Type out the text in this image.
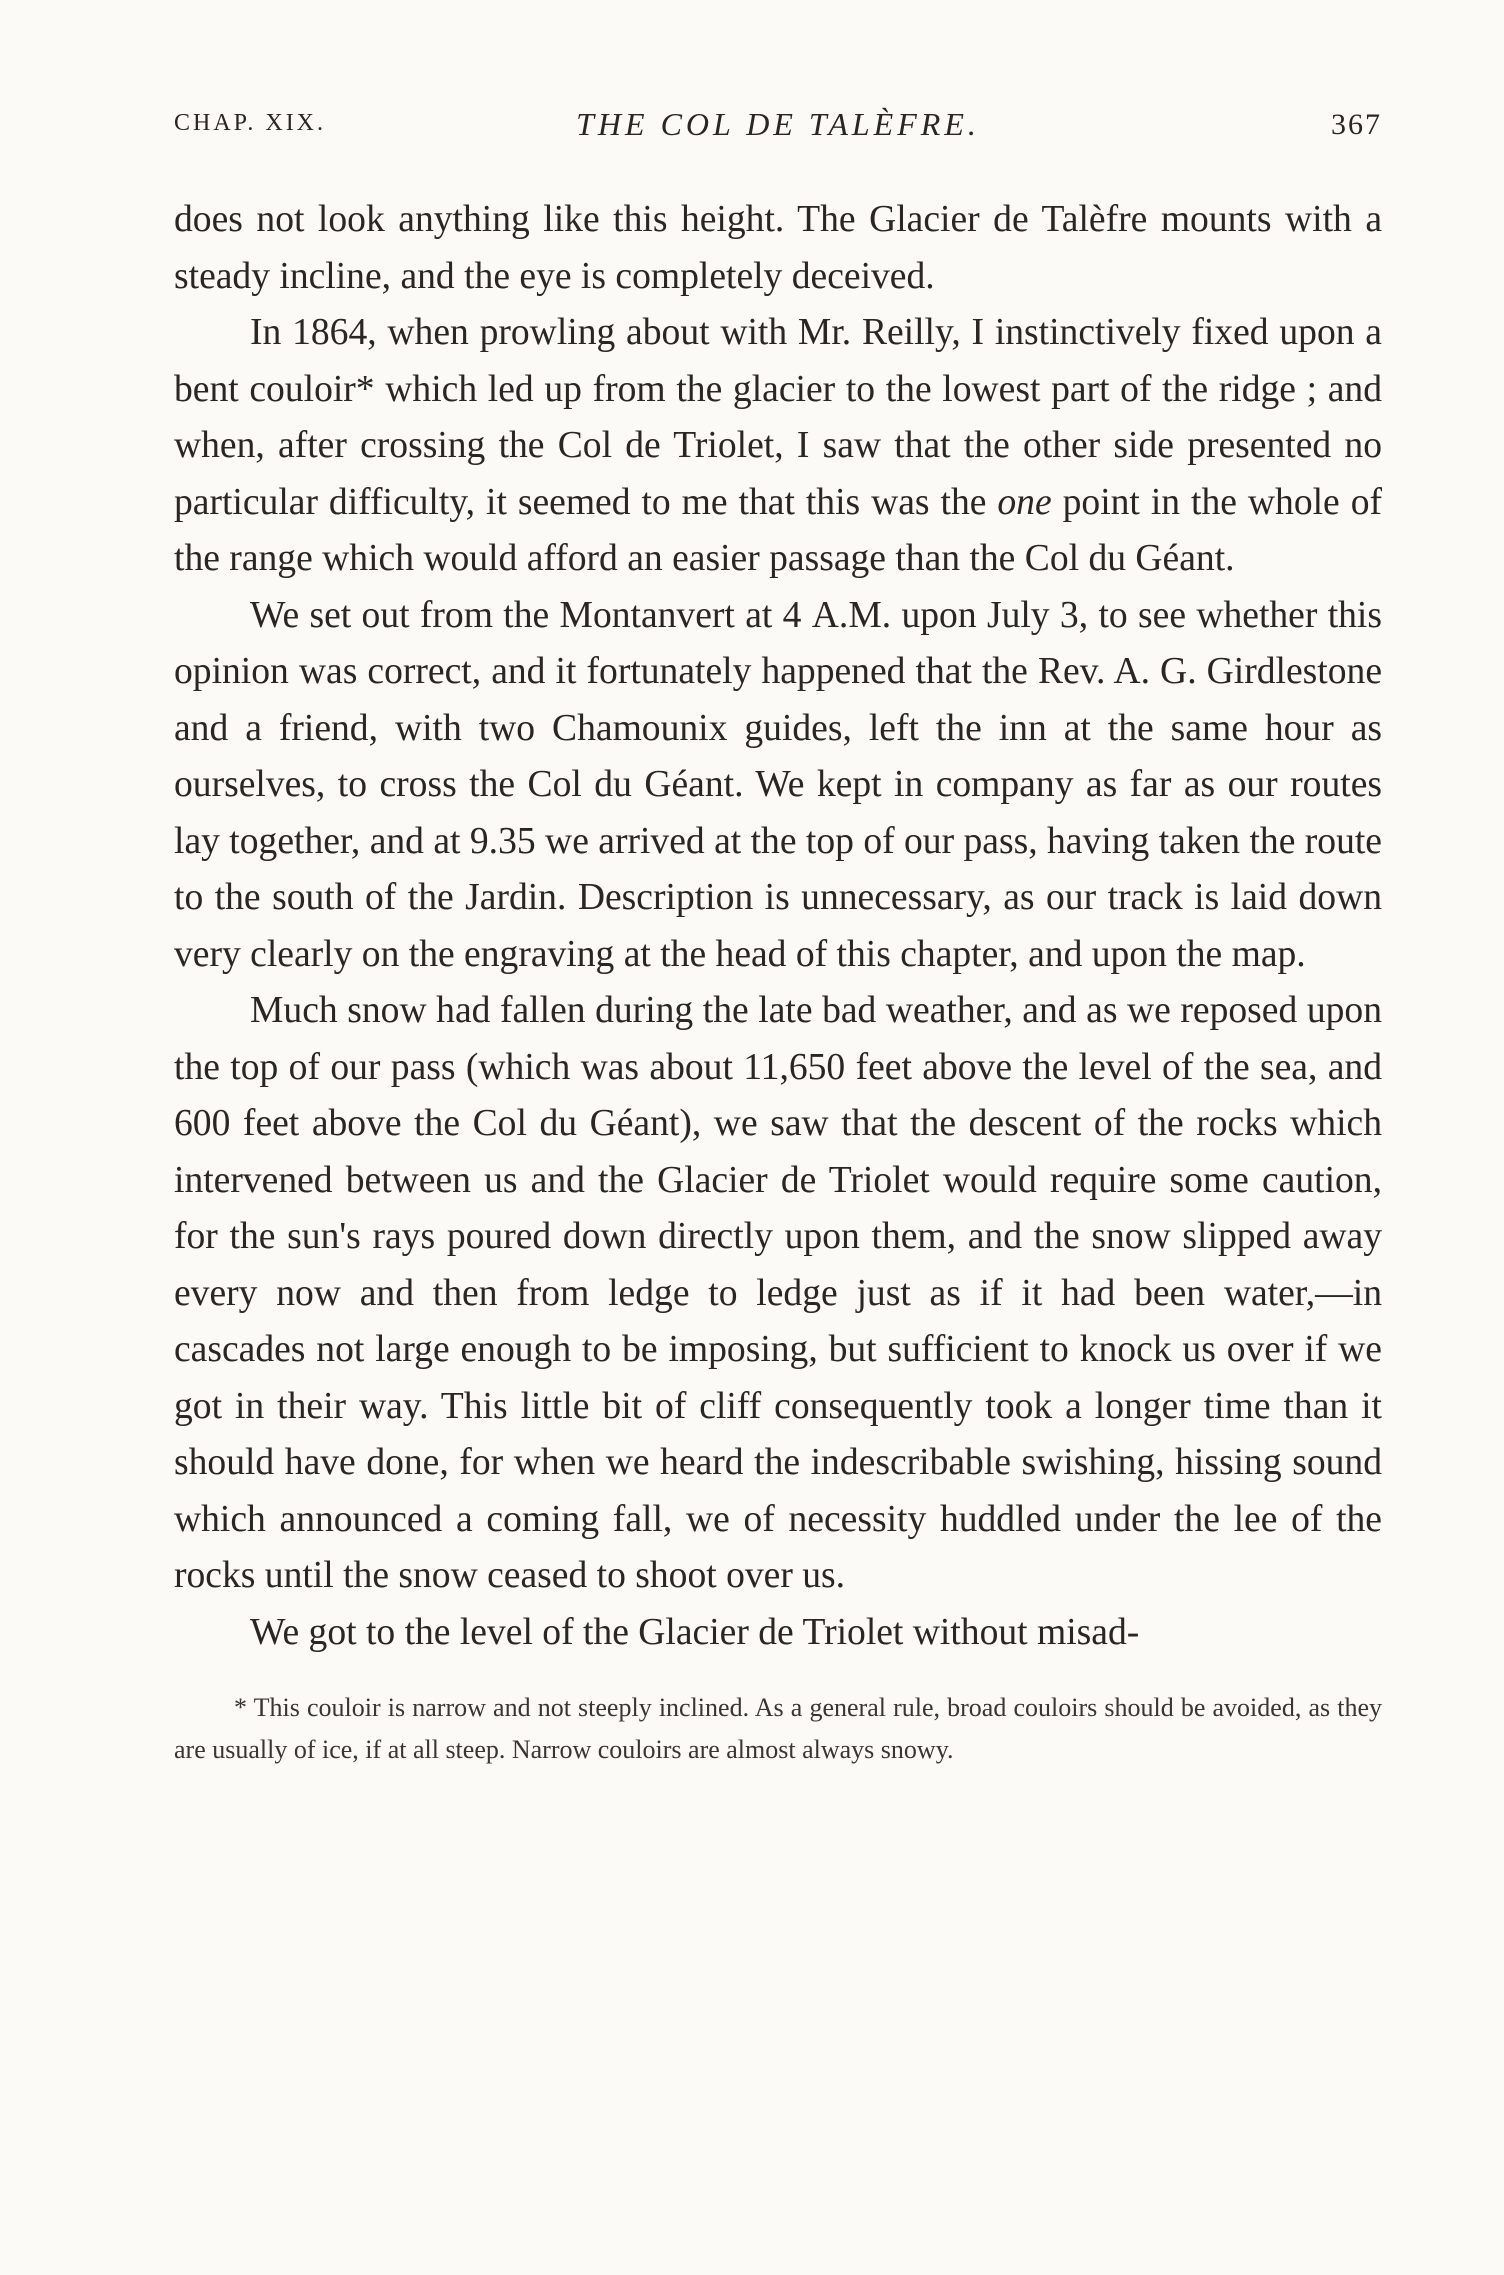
CHAP. XIX.	THE COL DE TALÈFRE.	367

does not look anything like this height. The Glacier de Talèfre mounts with a steady incline, and the eye is completely deceived.

In 1864, when prowling about with Mr. Reilly, I instinctively fixed upon a bent couloir* which led up from the glacier to the lowest part of the ridge ; and when, after crossing the Col de Triolet, I saw that the other side presented no particular difficulty, it seemed to me that this was the one point in the whole of the range which would afford an easier passage than the Col du Géant.

We set out from the Montanvert at 4 A.M. upon July 3, to see whether this opinion was correct, and it fortunately happened that the Rev. A. G. Girdlestone and a friend, with two Chamounix guides, left the inn at the same hour as ourselves, to cross the Col du Géant. We kept in company as far as our routes lay together, and at 9.35 we arrived at the top of our pass, having taken the route to the south of the Jardin. Description is unnecessary, as our track is laid down very clearly on the engraving at the head of this chapter, and upon the map.

Much snow had fallen during the late bad weather, and as we reposed upon the top of our pass (which was about 11,650 feet above the level of the sea, and 600 feet above the Col du Géant), we saw that the descent of the rocks which intervened between us and the Glacier de Triolet would require some caution, for the sun's rays poured down directly upon them, and the snow slipped away every now and then from ledge to ledge just as if it had been water,—in cascades not large enough to be imposing, but sufficient to knock us over if we got in their way. This little bit of cliff consequently took a longer time than it should have done, for when we heard the indescribable swishing, hissing sound which announced a coming fall, we of necessity huddled under the lee of the rocks until the snow ceased to shoot over us.

We got to the level of the Glacier de Triolet without misad-

* This couloir is narrow and not steeply inclined. As a general rule, broad couloirs should be avoided, as they are usually of ice, if at all steep. Narrow couloirs are almost always snowy.
